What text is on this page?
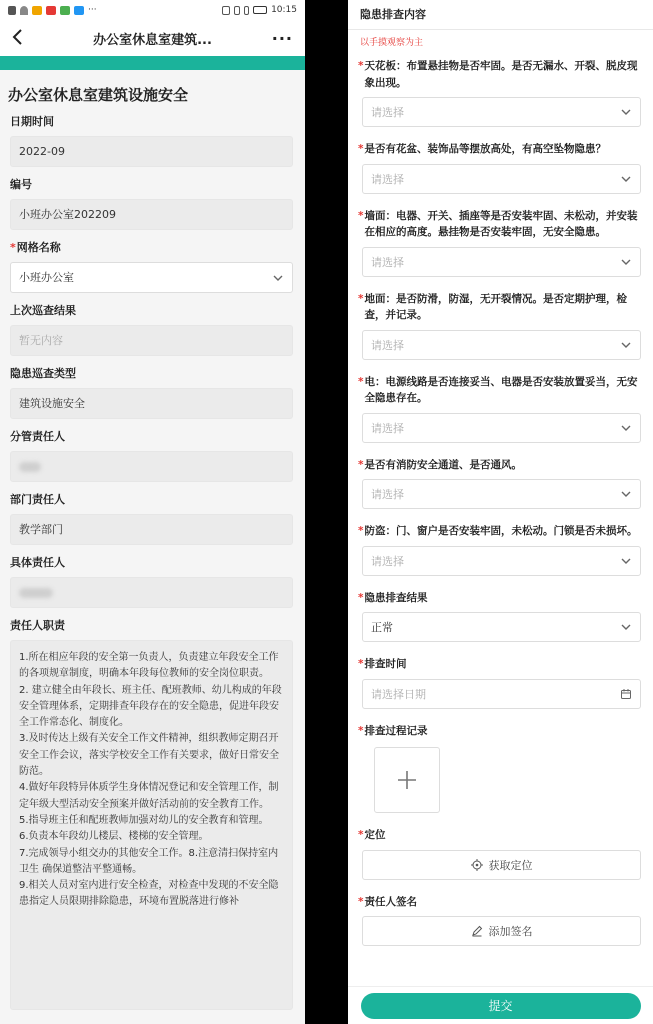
···	10:15
办公室休息室建筑...	···
办公室休息室建筑设施安全
日期时间
2022-09
编号
小班办公室202209
*网格名称
小班办公室
上次巡查结果
暂无内容
隐患巡查类型
建筑设施安全
分管责任人
部门责任人
教学部门
具体责任人
责任人职责
1.所在相应年段的安全第一负责人，负责建立年段安全工作的各项规章制度，明确本年段每位教师的安全岗位职责。
2. 建立健全由年段长、班主任、配班教师、幼儿构成的年段安全管理体系，定期排查年段存在的安全隐患，促进年段安全工作常态化、制度化。
3.及时传达上级有关安全工作文件精神，组织教师定期召开安全工作会议，落实学校安全工作有关要求，做好日常安全防范。
4.做好年段特异体质学生身体情况登记和安全管理工作，制定年级大型活动安全预案并做好活动前的安全教育工作。
5.指导班主任和配班教师加强对幼儿的安全教育和管理。
6.负责本年段幼儿楼层、楼梯的安全管理。
7.完成领导小组交办的其他安全工作。8.注意清扫保持室内卫生 确保道整洁平整通畅。
9.相关人员对室内进行安全检查，对检查中发现的不安全隐患指定人员限期排除隐患，环境布置脱落进行修补
隐患排查内容
以手摸观察为主
* 天花板：布置悬挂物是否牢固。是否无漏水、开裂、脱皮现象出现。
请选择
* 是否有花盆、装饰品等摆放高处，有高空坠物隐患？
请选择
* 墙面：电器、开关、插座等是否安装牢固、未松动，并安装在相应的高度。悬挂物是否安装牢固，无安全隐患。
请选择
* 地面：是否防滑，防湿，无开裂情况。是否定期护理，检查，并记录。
请选择
* 电：电源线路是否连接妥当、电器是否安装放置妥当，无安全隐患存在。
请选择
* 是否有消防安全通道、是否通风。
请选择
* 防盗：门、窗户是否安装牢固，未松动。门锁是否未损坏。
请选择
* 隐患排查结果
正常
* 排查时间
请选择日期
* 排查过程记录
* 定位
获取定位
* 责任人签名
添加签名
提交
